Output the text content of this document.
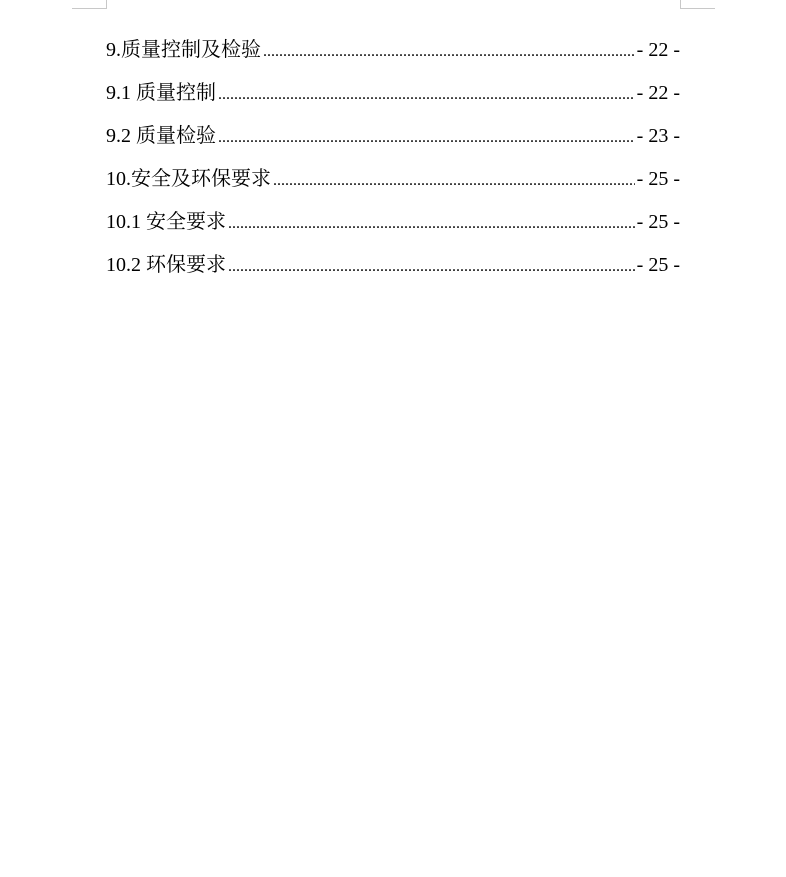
9.质量控制及检验 .....	- 22 -
9.1 质量控制 .....	- 22 -
9.2 质量检验 .....	- 23 -
10.安全及环保要求 .....	- 25 -
10.1 安全要求 .....	- 25 -
10.2 环保要求 .....	- 25 -
